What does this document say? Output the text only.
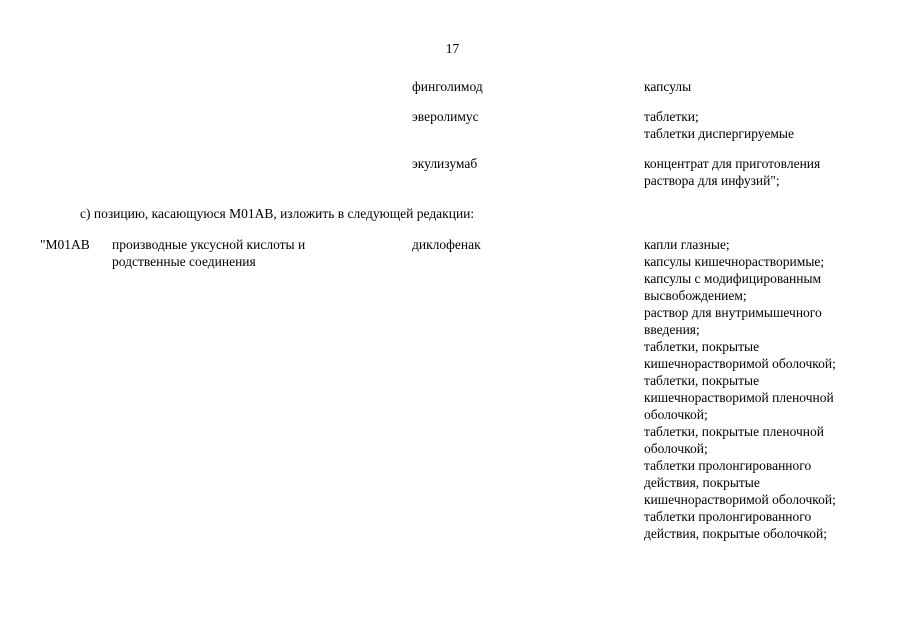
17
финголимод	капсулы
эверолимус	таблетки;
таблетки диспергируемые
экулизумаб	концентрат для приготовления
раствора для инфузий";
с) позицию, касающуюся М01АВ, изложить в следующей редакции:
"М01АВ производные уксусной кислоты и
родственные соединения
диклофенак	капли глазные;
капсулы кишечнорастворимые;
капсулы с модифицированным
высвобождением;
раствор для внутримышечного
введения;
таблетки, покрытые
кишечнорастворимой оболочкой;
таблетки, покрытые
кишечнорастворимой пленочной
оболочкой;
таблетки, покрытые пленочной
оболочкой;
таблетки пролонгированного
действия, покрытые
кишечнорастворимой оболочкой;
таблетки пролонгированного
действия, покрытые оболочкой;
